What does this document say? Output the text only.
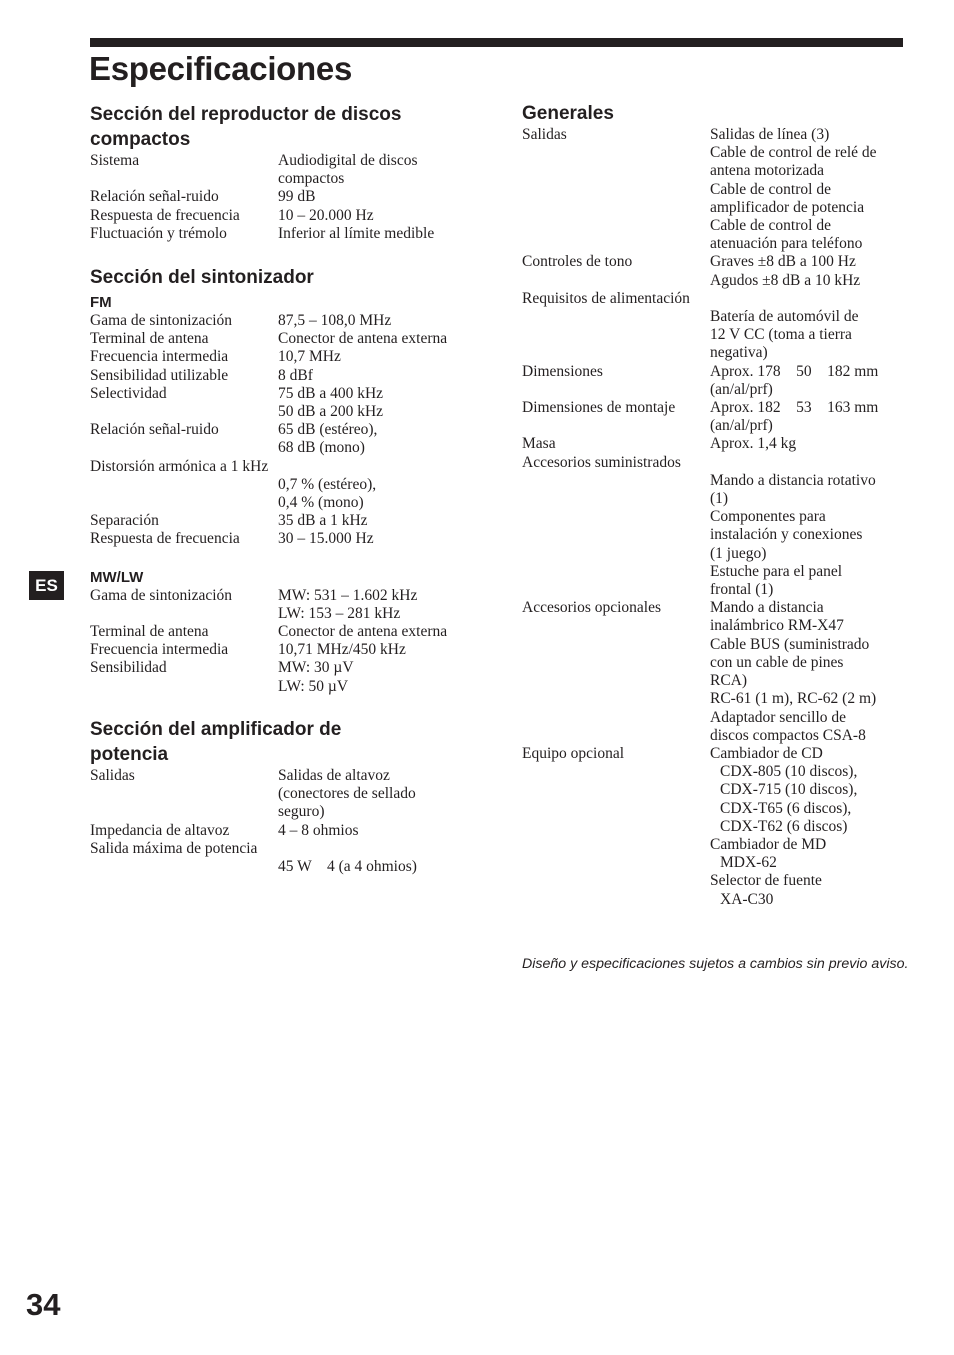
Especificaciones
Sección del reproductor de discos
compactos
Sistema	Audiodigital de discos
compactos
Relación señal-ruido	99 dB
Respuesta de frecuencia	10 – 20.000 Hz
Fluctuación y trémolo	Inferior al límite medible
Sección del sintonizador
FM
Gama de sintonización	87,5 – 108,0 MHz
Terminal de antena	Conector de antena externa
Frecuencia intermedia	10,7 MHz
Sensibilidad utilizable	8 dBf
Selectividad	75 dB a 400 kHz
50 dB a 200 kHz
Relación señal-ruido	65 dB (estéreo),
68 dB (mono)
Distorsión armónica a 1 kHz

0,7 % (estéreo),
0,4 % (mono)
Separación	35 dB a 1 kHz
Respuesta de frecuencia	30 – 15.000 Hz
MW/LW
Gama de sintonización	MW: 531 – 1.602 kHz
LW: 153 – 281 kHz
Terminal de antena	Conector de antena externa
Frecuencia intermedia	10,71 MHz/450 kHz
Sensibilidad	MW: 30 µV
LW: 50 µV
Sección del amplificador de
potencia
Salidas	Salidas de altavoz
(conectores de sellado
seguro)
Impedancia de altavoz	4 – 8 ohmios
Salida máxima de potencia

45 W    4 (a 4 ohmios)
Generales
Salidas	Salidas de línea (3)
Cable de control de relé de
antena motorizada
Cable de control de
amplificador de potencia
Cable de control de
atenuación para teléfono
Controles de tono	Graves ±8 dB a 100 Hz
Agudos ±8 dB a 10 kHz
Requisitos de alimentación

Batería de automóvil de
12 V CC (toma a tierra
negativa)
Dimensiones	Aprox. 178    50    182 mm
(an/al/prf)
Dimensiones de montaje	Aprox. 182    53    163 mm
(an/al/prf)
Masa	Aprox. 1,4 kg
Accesorios suministrados

Mando a distancia rotativo
(1)
Componentes para
instalación y conexiones
(1 juego)
Estuche para el panel
frontal (1)
Accesorios opcionales	Mando a distancia
inalámbrico RM-X47
Cable BUS (suministrado
con un cable de pines
RCA)
RC-61 (1 m), RC-62 (2 m)
Adaptador sencillo de
discos compactos CSA-8
Equipo opcional	Cambiador de CD
CDX-805 (10 discos),
CDX-715 (10 discos),
CDX-T65 (6 discos),
CDX-T62 (6 discos)
Cambiador de MD
MDX-62
Selector de fuente
XA-C30
Diseño y especificaciones sujetos a cambios sin previo aviso.
ES
34
